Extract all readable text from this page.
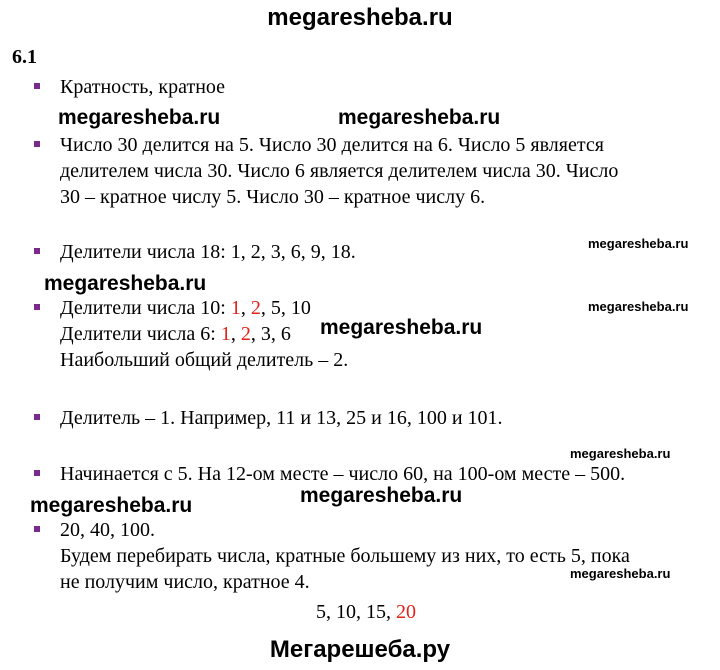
megaresheba.ru
6.1
Кратность, кратное
megaresheba.ru	megaresheba.ru
Число 30 делится на 5. Число 30 делится на 6. Число 5 является
делителем числа 30. Число 6 является делителем числа 30. Число
30 – кратное числу 5. Число 30 – кратное числу 6.
megaresheba.ru
Делители числа 18: 1, 2, 3, 6, 9, 18.
megaresheba.ru
Делители числа 10: 1, 2, 5, 10	megaresheba.ru
Делители числа 6: 1, 2, 3, 6 megaresheba.ru
Наибольший общий делитель – 2.
Делитель – 1. Например, 11 и 13, 25 и 16, 100 и 101.
megaresheba.ru
Начинается с 5. На 12-ом месте – число 60, на 100-ом месте – 500.
megaresheba.ru	megaresheba.ru
20, 40, 100.
Будем перебирать числа, кратные большему из них, то есть 5, пока
не получим число, кратное 4.	megaresheba.ru
5, 10, 15, 20
Мегарешеба.ру
